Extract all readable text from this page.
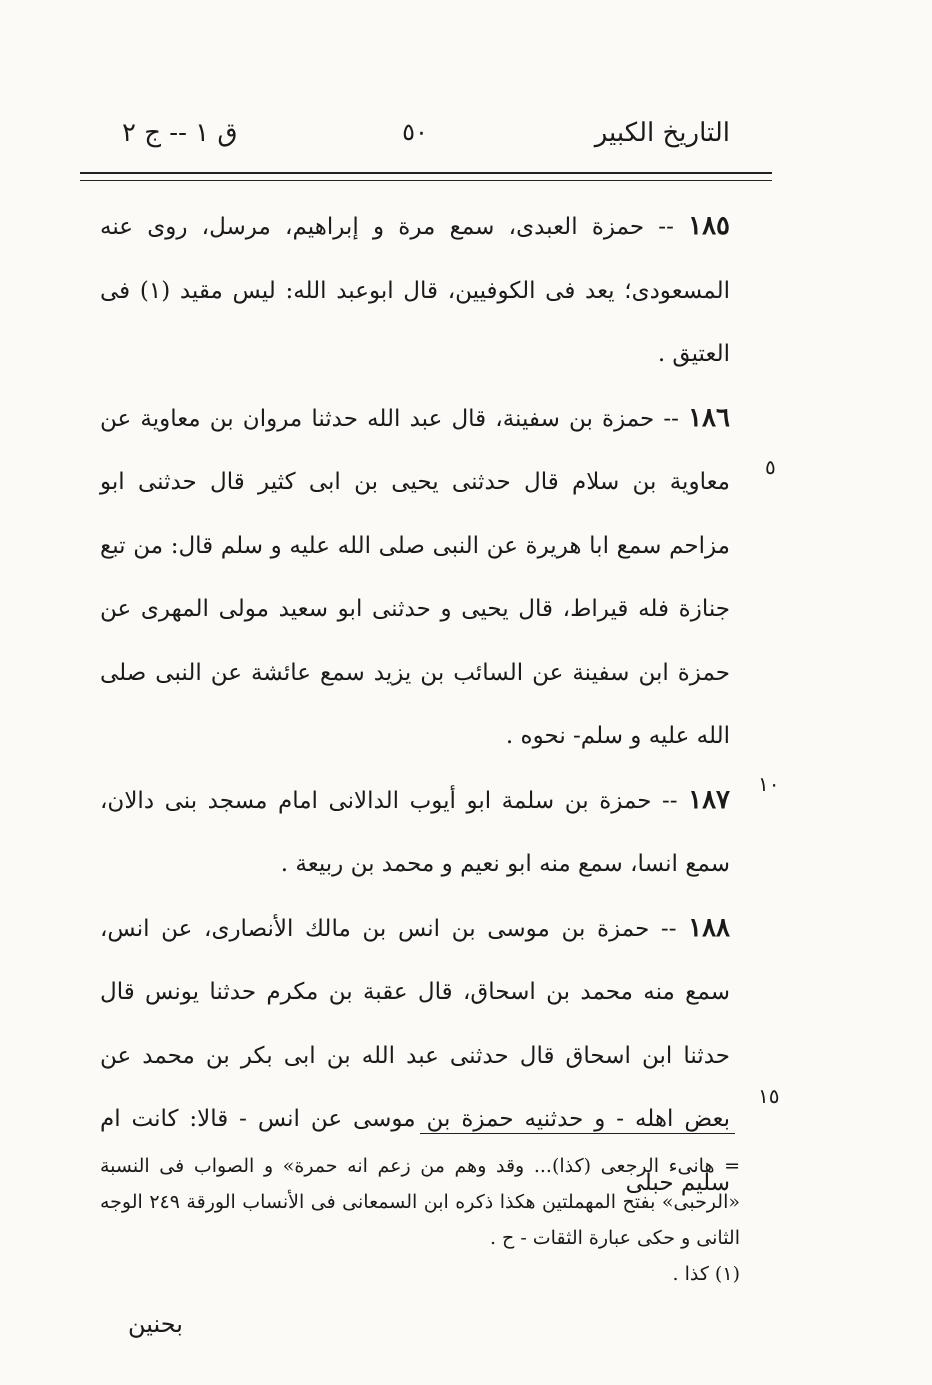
التاريخ الكبير
٥٠
ق ١ -- ج ٢

١٨٥ -- حمزة العبدى، سمع مرة و إبراهيم، مرسل، روى عنه المسعودى؛ يعد فى الكوفيين، قال ابوعبد الله: ليس مقيد (١) فى العتيق .

١٨٦ -- حمزة بن سفينة، قال عبد الله حدثنا مروان بن معاوية عن معاوية بن سلام قال حدثنى يحيى بن ابى كثير قال حدثنى ابو مزاحم سمع ابا هريرة عن النبى صلى الله عليه و سلم قال: من تبع جنازة فله قيراط، قال يحيى و حدثنى ابو سعيد مولى المهرى عن حمزة ابن سفينة عن السائب بن يزيد سمع عائشة عن النبى صلى الله عليه و سلم- نحوه .

١٨٧ -- حمزة بن سلمة ابو أيوب الدالانى امام مسجد بنى دالان، سمع انسا، سمع منه ابو نعيم و محمد بن ربيعة .

١٨٨ -- حمزة بن موسى بن انس بن مالك الأنصارى، عن انس، سمع منه محمد بن اسحاق، قال عقبة بن مكرم حدثنا يونس قال حدثنا ابن اسحاق قال حدثنى عبد الله بن ابى بكر بن محمد عن بعض اهله - و حدثنيه حمزة بن موسى عن انس - قالا: كانت ام سليم حبلى

٥
١٠
١٥

= هانىء الرجعى (كذا)... وقد وهم من زعم انه حمرة» و الصواب فى النسبة «الرحبى» بفتح المهملتين هكذا ذكره ابن السمعانى فى الأنساب الورقة ٢٤٩ الوجه الثانى و حكى عبارة الثقات - ح .

(١) كذا .

بحنين
